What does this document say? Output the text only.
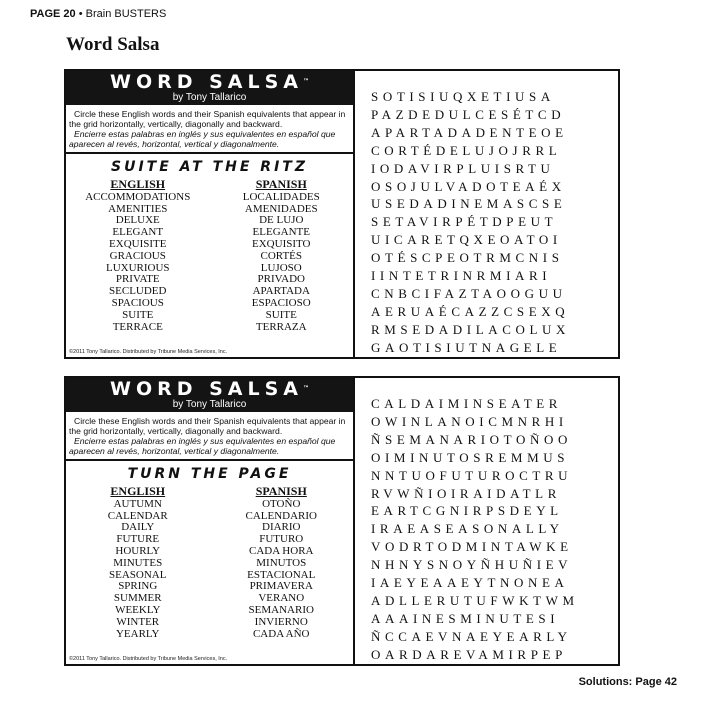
PAGE 20 • Brain BUSTERS
Word Salsa
WORD SALSA™
by Tony Tallarico
Circle these English words and their Spanish equivalents that appear in the grid horizontally, vertically, diagonally and backward.
Encierre estas palabras en inglés y sus equivalentes en español que aparecen al revés, horizontal, vertical y diagonalmente.
SUITE AT THE RITZ
ENGLISH
ACCOMMODATIONS
AMENITIES
DELUXE
ELEGANT
EXQUISITE
GRACIOUS
LUXURIOUS
PRIVATE
SECLUDED
SPACIOUS
SUITE
TERRACE
SPANISH
LOCALIDADES
AMENIDADES
DE LUJO
ELEGANTE
EXQUISITO
CORTÉS
LUJOSO
PRIVADO
APARTADA
ESPACIOSO
SUITE
TERRAZA
©2011 Tony Tallarico. Distributed by Tribune Media Services, Inc.
SOTISIUQXETIUSA
PAZDEDULCESÉTCD
APARTADADENTEOE
CORTÉDELUJOJRRL
IODAVIRPLUISRTU
OSOJULVADOTEAÉX
USEDADINEMASCSE
SETAVIRPÉTDPEUT
UICARETQXEOATOI
OTÉSCPEOTRMCNIS
IINTETRINRMIARI
CNBCIFAZTAOOGUU
AERUAÉCAZZCSEXQ
RMSEDADILACOLUX
GAOTISIUTNAGELE
WORD SALSA™
by Tony Tallarico
Circle these English words and their Spanish equivalents that appear in the grid horizontally, vertically, diagonally and backward.
Encierre estas palabras en inglés y sus equivalentes en español que aparecen al revés, horizontal, vertical y diagonalmente.
TURN THE PAGE
ENGLISH
AUTUMN
CALENDAR
DAILY
FUTURE
HOURLY
MINUTES
SEASONAL
SPRING
SUMMER
WEEKLY
WINTER
YEARLY
SPANISH
OTOÑO
CALENDARIO
DIARIO
FUTURO
CADA HORA
MINUTOS
ESTACIONAL
PRIMAVERA
VERANO
SEMANARIO
INVIERNO
CADA AÑO
©2011 Tony Tallarico. Distributed by Tribune Media Services, Inc.
CALDAIMINSEATER
OWINLANOICMNRHI
ÑSEMANARIOTOÑOO
OIMINUTOSREMMUS
NNTUOFUTUROCTRU
RVWÑIOIRAIDATLR
EARTCGNIRPSDEYL
IRAEASEASONALLY
VODRTODMINTAWKE
NHNYSNOYÑHUÑIEV
IAEYEAAEYTNONEA
ADLLERUTUFWKTWM
AAAINESMINUTESI
ÑCCAEVNAEYEARLY
OARDAREVAMIRPEP
Solutions: Page 42
